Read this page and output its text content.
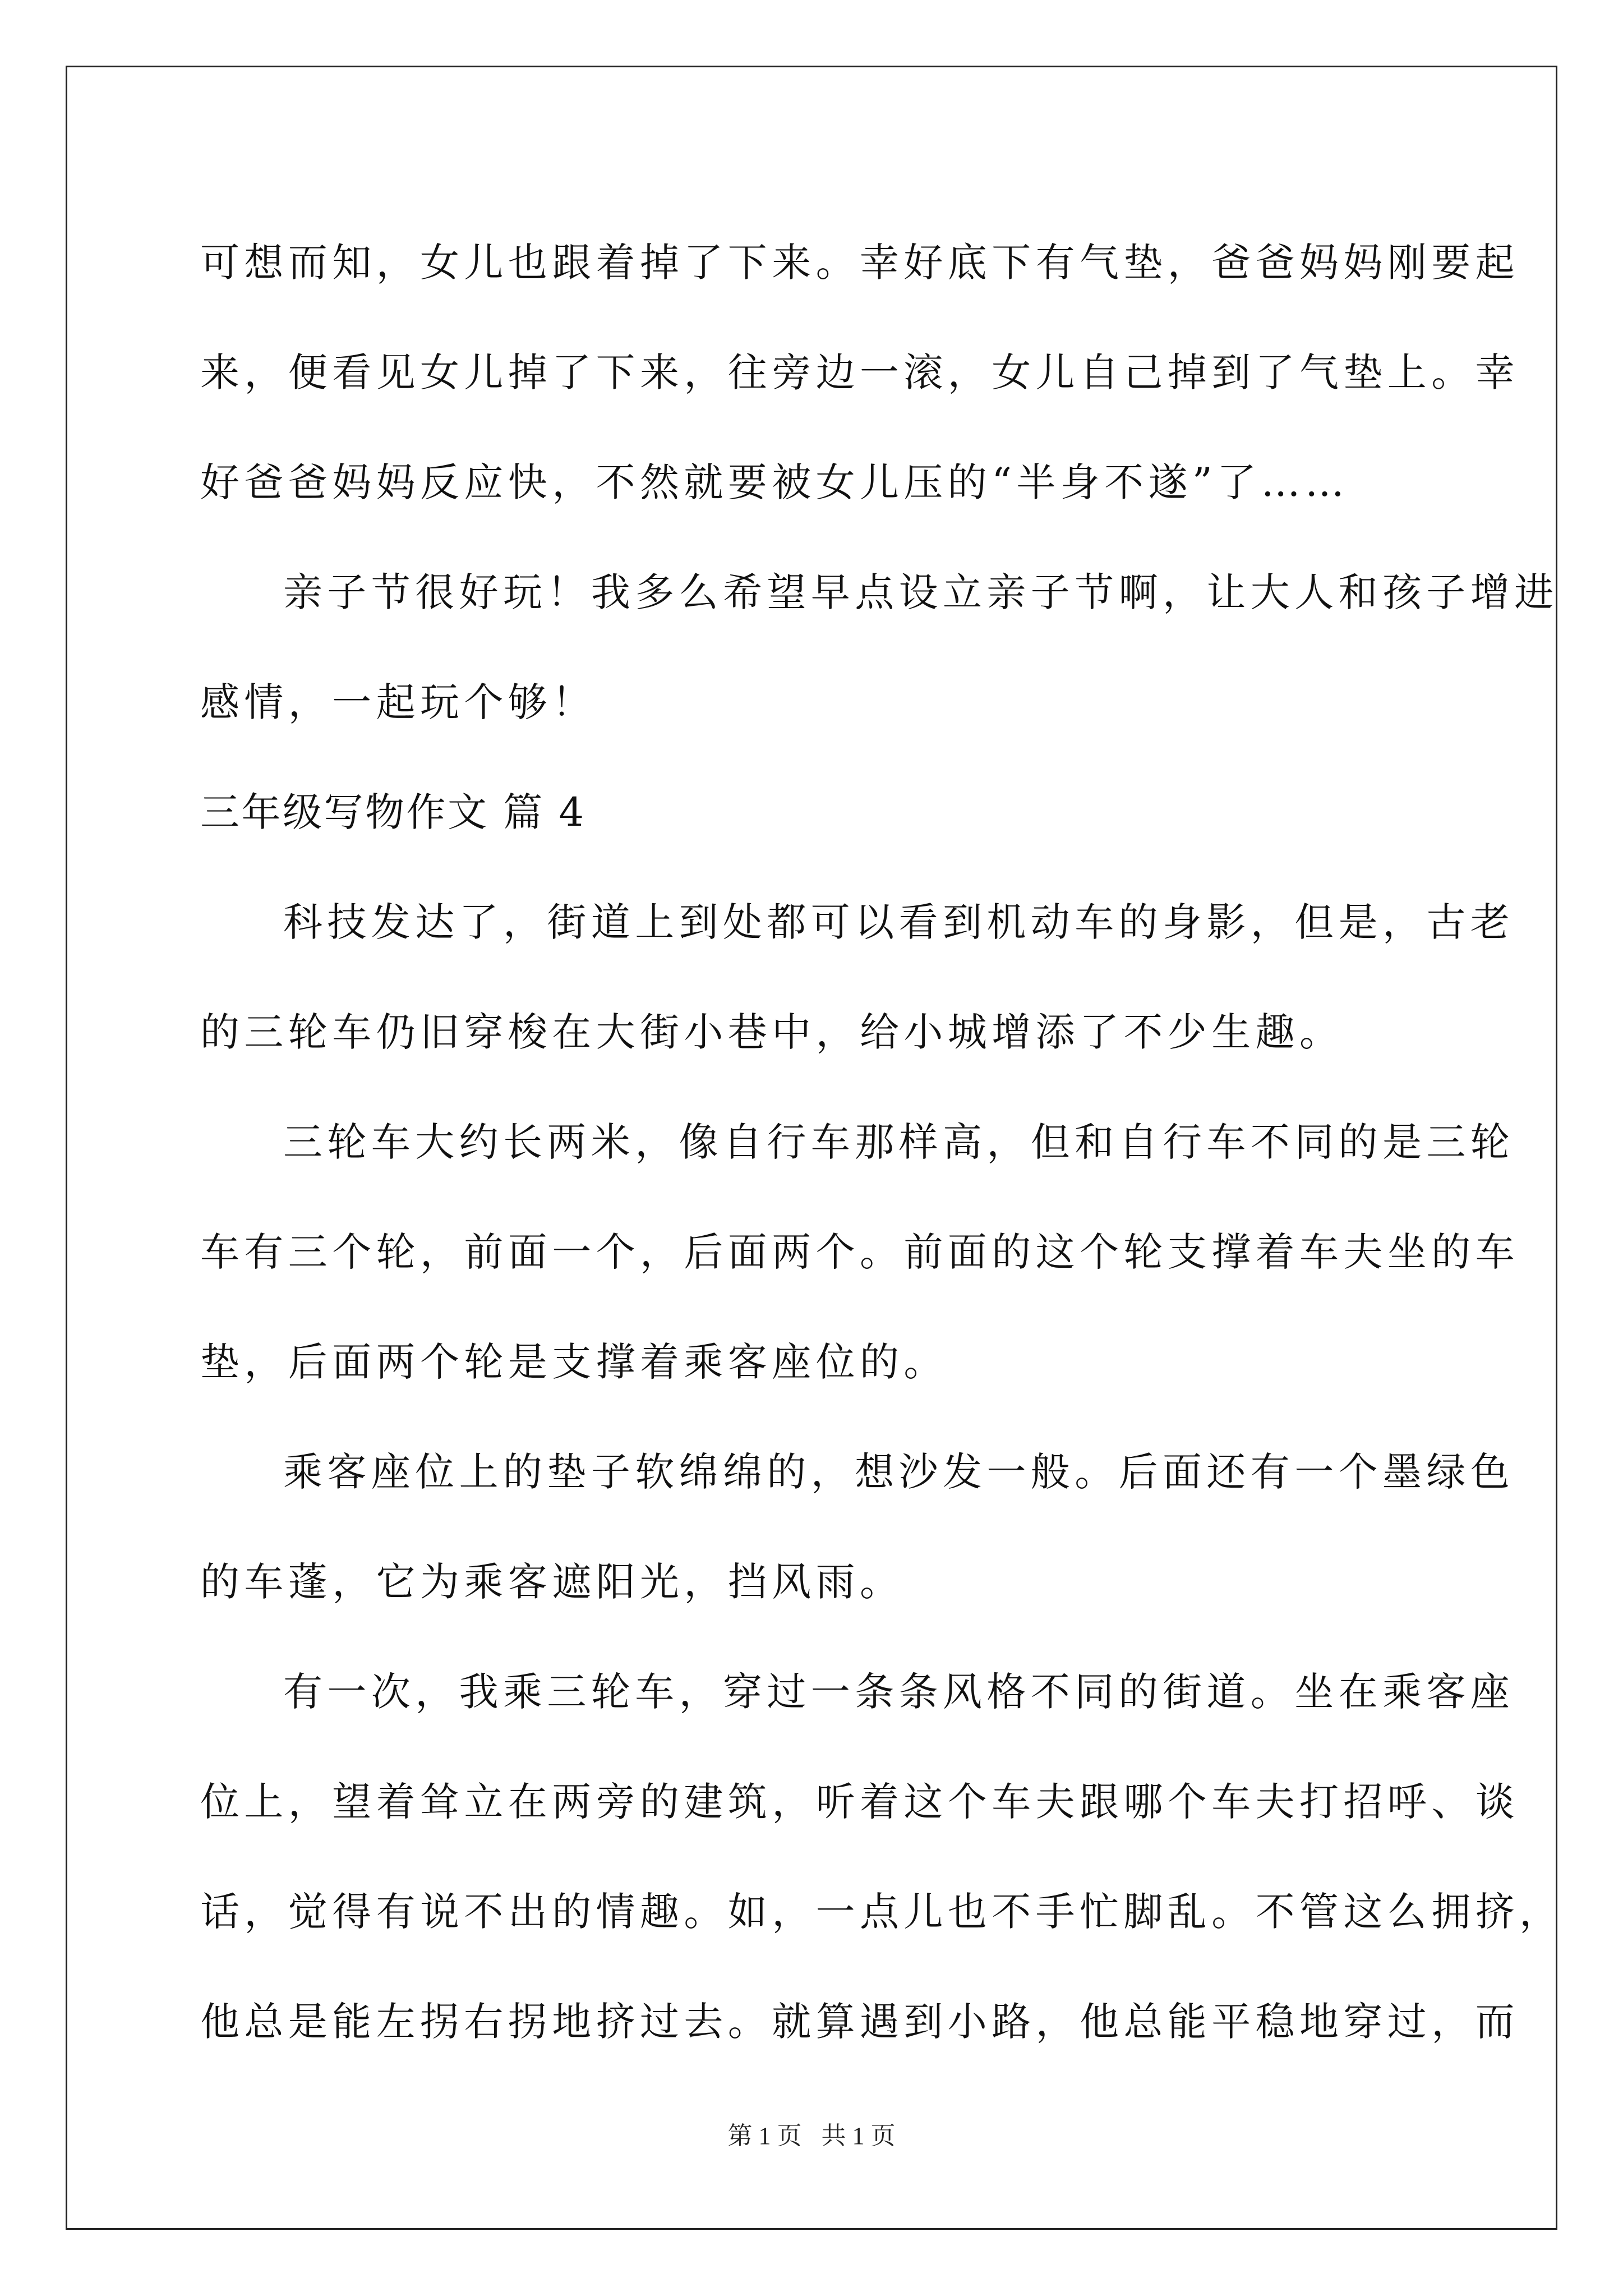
可想而知，女儿也跟着掉了下来。幸好底下有气垫，爸爸妈妈刚要起
来，便看见女儿掉了下来，往旁边一滚，女儿自己掉到了气垫上。幸
好爸爸妈妈反应快，不然就要被女儿压的“半身不遂”了……
亲子节很好玩！我多么希望早点设立亲子节啊，让大人和孩子增进
感情，一起玩个够！
三年级写物作文 篇 4
科技发达了，街道上到处都可以看到机动车的身影，但是，古老
的三轮车仍旧穿梭在大街小巷中，给小城增添了不少生趣。
三轮车大约长两米，像自行车那样高，但和自行车不同的是三轮
车有三个轮，前面一个，后面两个。前面的这个轮支撑着车夫坐的车
垫，后面两个轮是支撑着乘客座位的。
乘客座位上的垫子软绵绵的，想沙发一般。后面还有一个墨绿色
的车蓬，它为乘客遮阳光，挡风雨。
有一次，我乘三轮车，穿过一条条风格不同的街道。坐在乘客座
位上，望着耸立在两旁的建筑，听着这个车夫跟哪个车夫打招呼、谈
话，觉得有说不出的情趣。如，一点儿也不手忙脚乱。不管这么拥挤，
他总是能左拐右拐地挤过去。就算遇到小路，他总能平稳地穿过，而
第 1 页 共 1 页
